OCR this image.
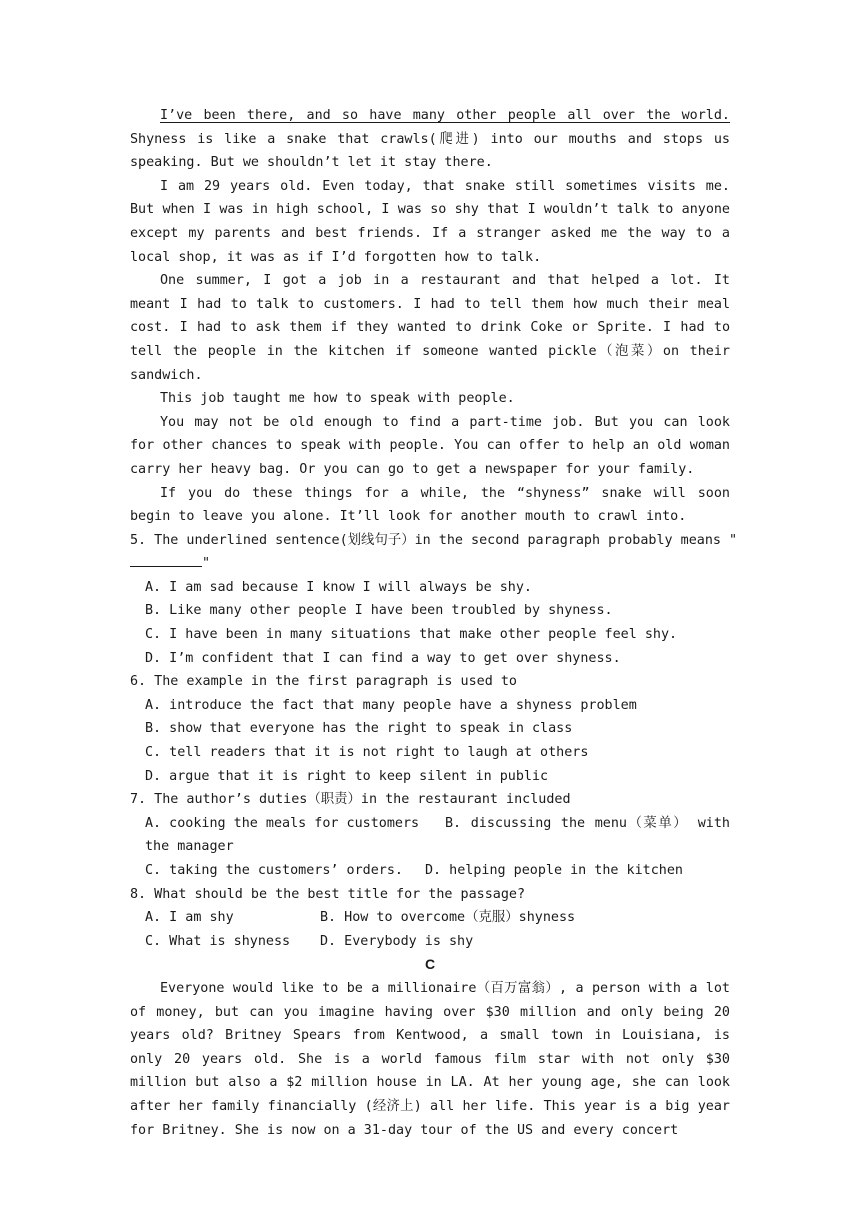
I’ve been there, and so have many other people all over the world. Shyness is like a snake that crawls(爬进) into our mouths and stops us speaking. But we shouldn’t let it stay there.

I am 29 years old. Even today, that snake still sometimes visits me. But when I was in high school, I was so shy that I wouldn’t talk to anyone except my parents and best friends. If a stranger asked me the way to a local shop, it was as if I’d forgotten how to talk.

One summer, I got a job in a restaurant and that helped a lot. It meant I had to talk to customers. I had to tell them how much their meal cost. I had to ask them if they wanted to drink Coke or Sprite. I had to tell the people in the kitchen if someone wanted pickle（泡菜）on their sandwich.

This job taught me how to speak with people.

You may not be old enough to find a part-time job. But you can look for other chances to speak with people. You can offer to help an old woman carry her heavy bag. Or you can go to get a newspaper for your family.

If you do these things for a while, the “shyness” snake will soon begin to leave you alone. It’ll look for another mouth to crawl into.

5. The underlined sentence(划线句子）in the second paragraph probably means "

"

A. I am sad because I know I will always be shy.

B. Like many other people I have been troubled by shyness.

C. I have been in many situations that make other people feel shy.

D. I’m confident that I can find a way to get over shyness.

6. The example in the first paragraph is used to

A. introduce the fact that many people have a shyness problem

B. show that everyone has the right to speak in class

C. tell readers that it is not right to laugh at others

D. argue that it is right to keep silent in public

7. The author’s duties（职责）in the restaurant included

A. cooking the meals for customers B. discussing the menu（菜单） with the manager

C. taking the customers’ orders.	D. helping people in the kitchen

8. What should be the best title for the passage?

A. I am shy	B. How to overcome（克服）shyness
C. What is shyness	D. Everybody is shy

C

Everyone would like to be a millionaire（百万富翁）, a person with a lot of money, but can you imagine having over $30 million and only being 20 years old? Britney Spears from Kentwood, a small town in Louisiana, is only 20 years old. She is a world famous film star with not only $30 million but also a $2 million house in LA. At her young age, she can look after her family financially (经济上) all her life. This year is a big year for Britney. She is now on a 31-day tour of the US and every concert
